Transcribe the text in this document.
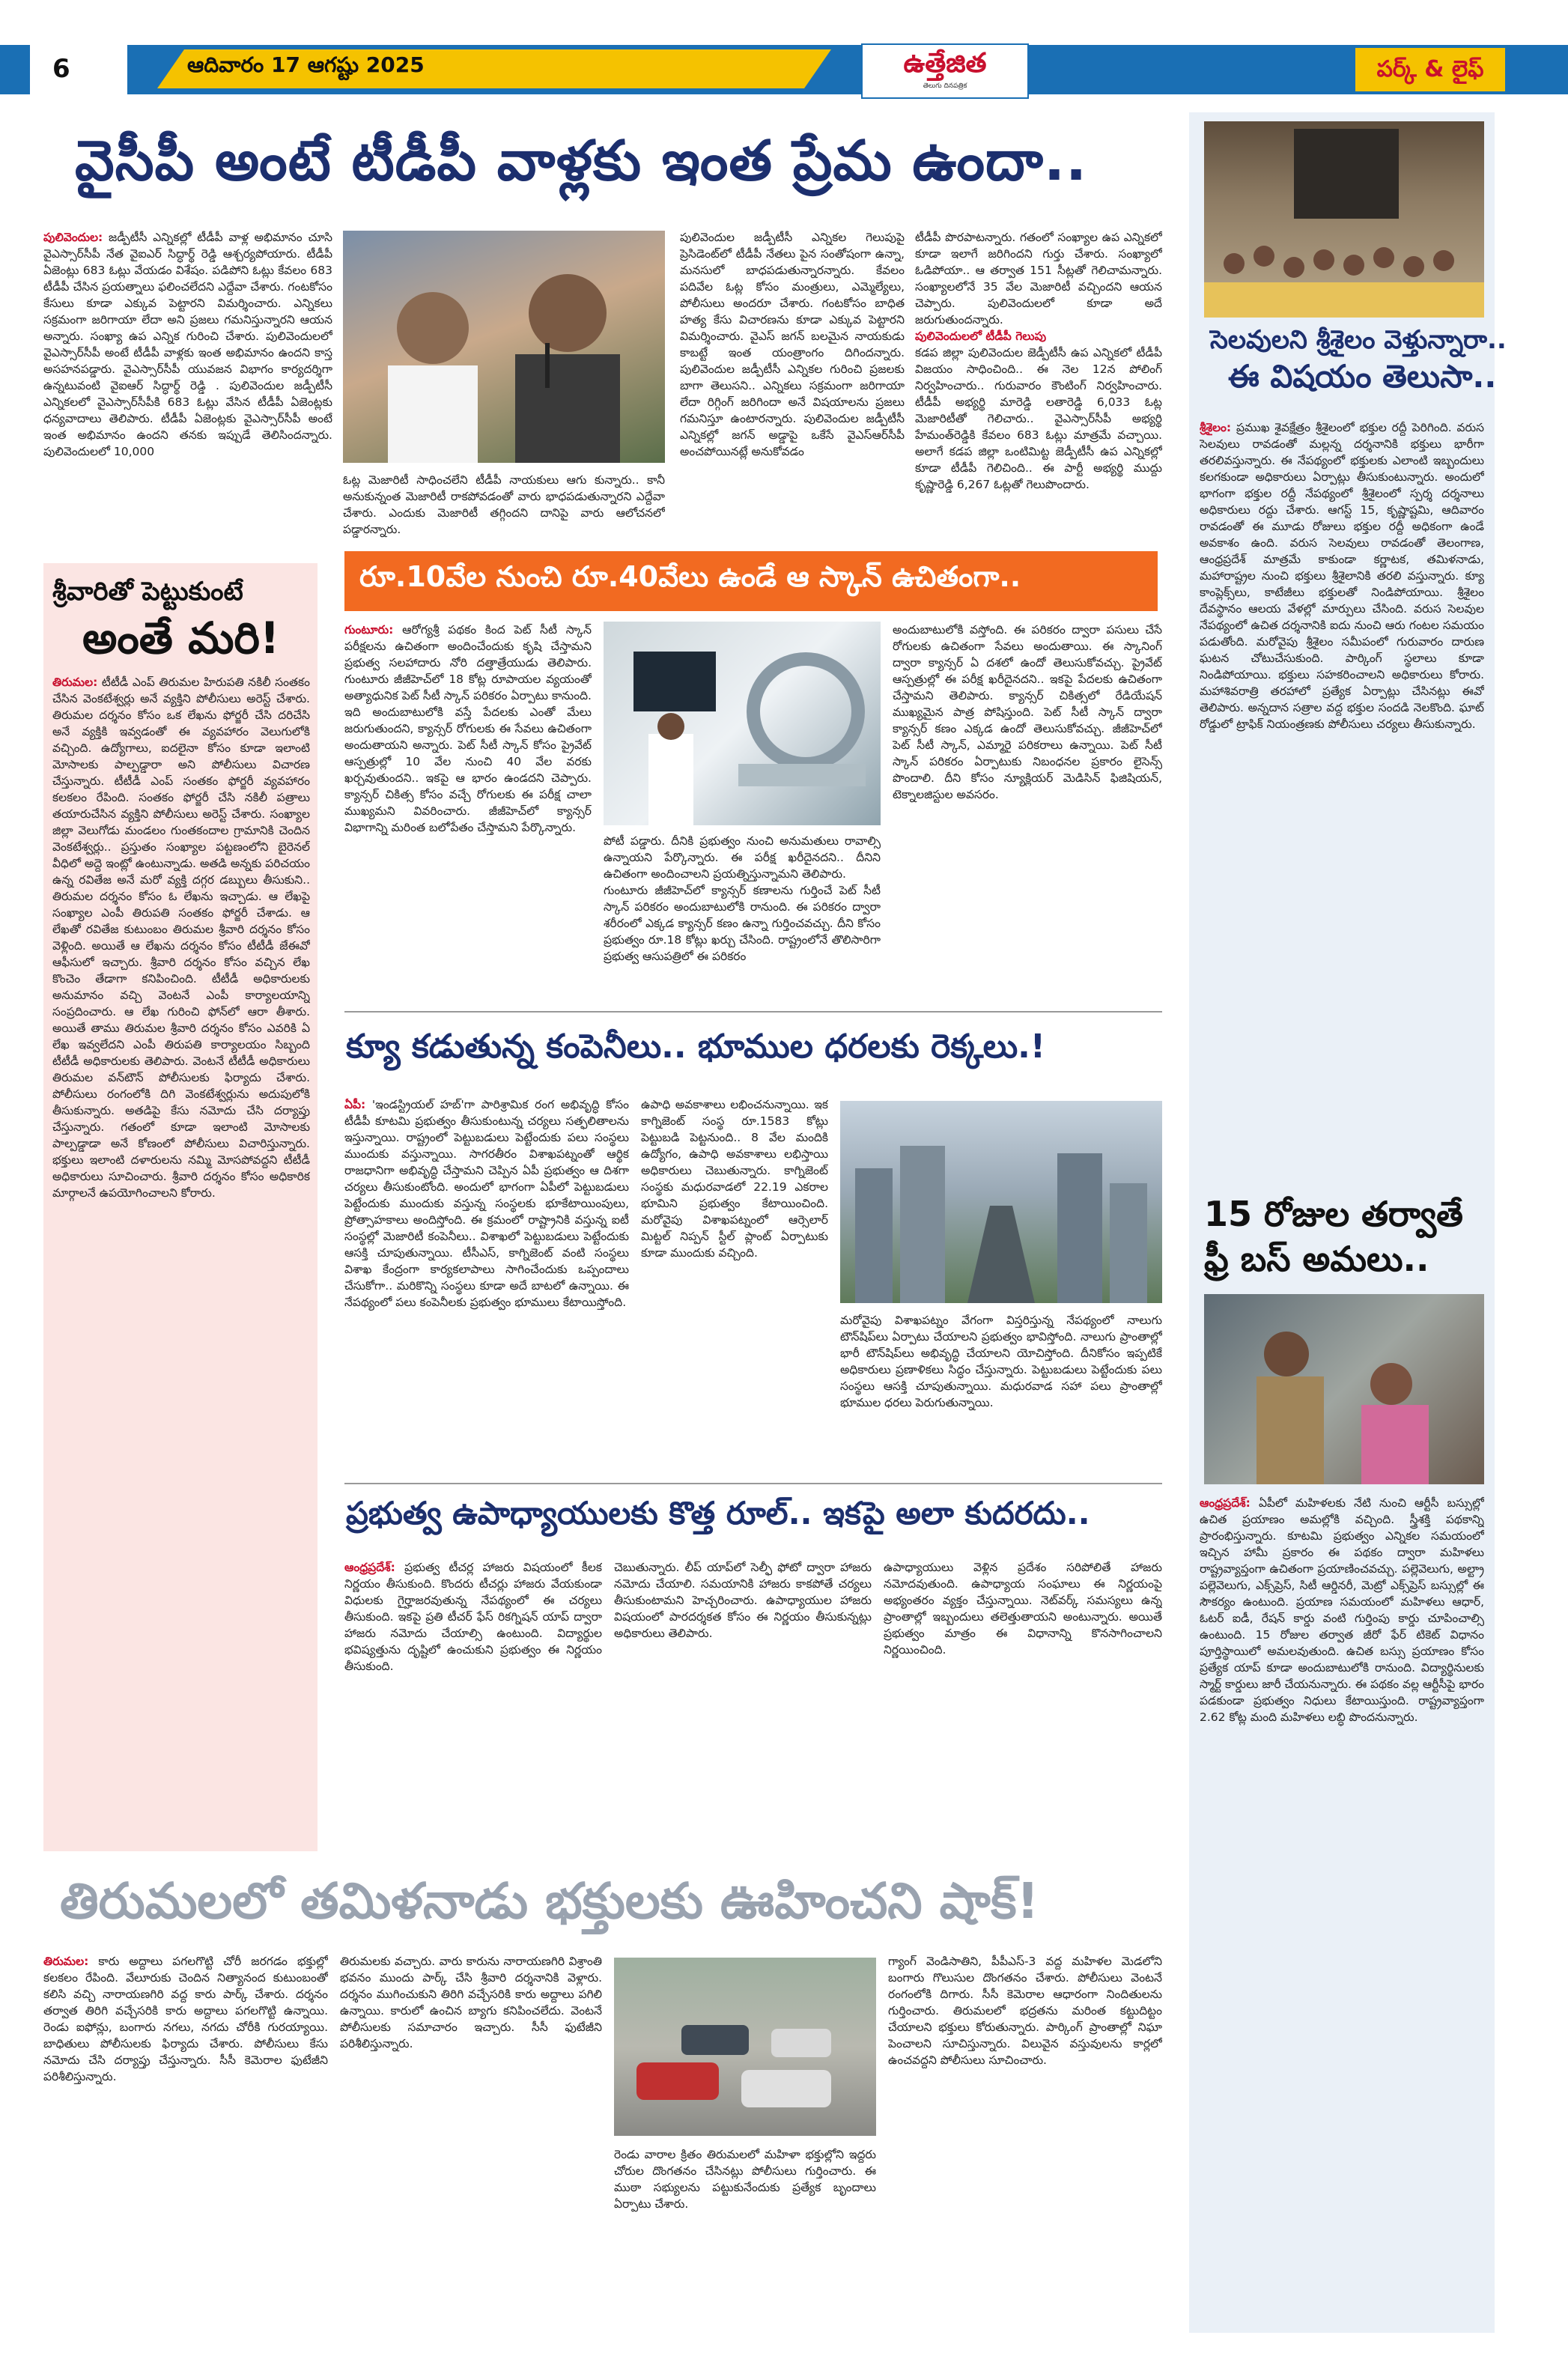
6	ఆదివారం 17 ఆగష్టు 2025	ఉత్తేజిత
తెలుగు దినపత్రిక
పర్క్ & లైఫ్
వైసీపీ అంటే టీడీపీ వాళ్లకు ఇంత ప్రేమ ఉందా..
పులివెందుల: జడ్పీటీసీ ఎన్నికల్లో టీడీపీ వాళ్ల అభిమానం చూసి వైఎస్సార్‌సీపీ నేత వైఐఎర్ సిద్ధార్థ్ రెడ్డి ఆశ్చర్యపోయారు. టీడీపీ ఏజెంట్లు 683 ఓట్లు వేయడం విశేషం. పడిపోని ఓట్లు కేవలం 683 టీడీపీ చేసిన ప్రయత్నాలు ఫలించలేదని ఎద్దేవా చేశారు. గంటకోసం కేసులు కూడా ఎక్కువ పెట్టారని విమర్శించారు. ఎన్నికలు సక్రమంగా జరిగాయా లేదా అని ప్రజలు గమనిస్తున్నారని ఆయన అన్నారు. సంఖ్యా ఉప ఎన్నిక గురించి చేశారు. పులివెందులలో వైఎస్సార్‌సీపీ అంటే టీడీపీ వాళ్లకు ఇంత అభిమానం ఉందని కాస్త అసహనపడ్డారు. వైఎస్సార్‌సీపీ యువజన విభాగం కార్యదర్శిగా ఉన్నటువంటి వైఐఆర్ సిద్ధార్థ్ రెడ్డి . పులివెందుల జడ్పీటీసీ ఎన్నికలలో వైఎస్సార్‌సీపీకి 683 ఓట్లు వేసిన టీడీపీ ఏజెంట్లకు ధన్యవాదాలు తెలిపారు. టీడీపీ ఏజెంట్లకు వైఎస్సార్‌సీపీ అంటే ఇంత అభిమానం ఉందని తనకు ఇప్పుడే తెలిసిందన్నారు. పులివెందులలో 10,000
ఓట్ల మెజారిటీ సాధించలేని టీడీపీ నాయకులు ఆగు కున్నారు.. కానీ అనుకున్నంత మెజారిటీ రాకపోవడంతో వారు భాధపడుతున్నారని ఎద్దేవా చేశారు. ఎందుకు మెజారిటీ తగ్గిందని దానిపై వారు ఆలోచనలో పడ్డారన్నారు.
పులివెందుల జడ్పీటీసీ ఎన్నికల గెలుపుపై ప్రెసిడెంట్‌లో టీడీపీ నేతలు పైన సంతోషంగా ఉన్నా, మనసులో బాధపడుతున్నారన్నారు. కేవలం పదివేల ఓట్ల కోసం మంత్రులు, ఎమ్మెల్యేలు, పోలీసులు అందరూ చేశారు. గంటకోసం బాధిత హత్య కేసు విచారణను కూడా ఎక్కువ పెట్టారని విమర్శించారు. వైఎస్ జగన్ బలమైన నాయకుడు కాబట్టే ఇంత యంత్రాంగం దిగిందన్నారు. పులివెందుల జడ్పీటీసీ ఎన్నికల గురించి ప్రజలకు బాగా తెలుసని.. ఎన్నికలు సక్రమంగా జరిగాయా లేదా రిగ్గింగ్ జరిగిందా అనే విషయాలను ప్రజలు గమనిస్తూ ఉంటారన్నారు. పులివెందుల జడ్పీటీసీ ఎన్నికల్లో జగన్ అడ్డాపై ఒకేసే వైఎస్ఆర్‌సీపీ అంచపోయినట్లే అనుకోవడం
టీడీపీ పొరపాటన్నారు. గతంలో సంఖ్యాల ఉప ఎన్నికలో కూడా ఇలాగే జరిగిందని గుర్తు చేశారు. సంఖ్యాలో ఓడిపోయా.. ఆ తర్వాత 151 సీట్లతో గెలిచామన్నారు. సంఖ్యాలలోనే 35 వేల మెజారిటీ వచ్చిందని ఆయన చెప్పారు. పులివెందులలో కూడా అదే జరుగుతుందన్నారు.
పులివెందులలో టీడీపీ గెలుపు
కడప జిల్లా పులివెందుల జెడ్పీటీసీ ఉప ఎన్నికలో టీడీపీ విజయం సాధించింది.. ఈ నెల 12న పోలింగ్ నిర్వహించారు.. గురువారం కౌంటింగ్ నిర్వహించారు. టీడీపీ అభ్యర్థి మారెడ్డి లతారెడ్డి 6,033 ఓట్ల మెజారిటీతో గెలిచారు.. వైఎస్సార్‌సీపీ అభ్యర్థి హేమంత్‌రెడ్డికి కేవలం 683 ఓట్లు మాత్రమే వచ్చాయి. అలాగే కడప జిల్లా ఒంటిమిట్ట జెడ్పీటీసీ ఉప ఎన్నికల్లో కూడా టీడీపీ గెలిచింది.. ఈ పార్టీ అభ్యర్థి ముద్దు కృష్ణారెడ్డి 6,267 ఓట్లతో గెలుపొందారు.
సెలవులని శ్రీశైలం వెళ్తున్నారా..
ఈ విషయం తెలుసా..
శ్రీశైలం: ప్రముఖ శైవక్షేత్రం శ్రీశైలంలో భక్తుల రద్దీ పెరిగింది. వరుస సెలవులు రావడంతో మల్లన్న దర్శనానికి భక్తులు భారీగా తరలివస్తున్నారు. ఈ నేపథ్యంలో భక్తులకు ఎలాంటి ఇబ్బందులు కలగకుండా అధికారులు ఏర్పాట్లు తీసుకుంటున్నారు. అందులో భాగంగా భక్తుల రద్దీ నేపథ్యంలో శ్రీశైలంలో స్పర్శ దర్శనాలు అధికారులు రద్దు చేశారు. ఆగస్ట్ 15, కృష్ణాష్టమి, ఆదివారం రావడంతో ఈ మూడు రోజులు భక్తుల రద్దీ అధికంగా ఉండే అవకాశం ఉంది. వరుస సెలవులు రావడంతో తెలంగాణ, ఆంధ్రప్రదేశ్ మాత్రమే కాకుండా కర్ణాటక, తమిళనాడు, మహారాష్ట్రల నుంచి భక్తులు శ్రీశైలానికి తరలి వస్తున్నారు. క్యూ కాంప్లెక్స్‌లు, కాటేజీలు భక్తులతో నిండిపోయాయి. శ్రీశైలం దేవస్థానం ఆలయ వేళల్లో మార్పులు చేసింది. వరుస సెలవుల నేపథ్యంలో ఉచిత దర్శనానికి ఐదు నుంచి ఆరు గంటల సమయం పడుతోంది. మరోవైపు శ్రీశైలం సమీపంలో గురువారం దారుణ ఘటన చోటుచేసుకుంది. పార్కింగ్ స్థలాలు కూడా నిండిపోయాయి. భక్తులు సహకరించాలని అధికారులు కోరారు. మహాశివరాత్రి తరహాలో ప్రత్యేక ఏర్పాట్లు చేసినట్లు ఈవో తెలిపారు. అన్నదాన సత్రాల వద్ద భక్తుల సందడి నెలకొంది. ఘాట్ రోడ్డులో ట్రాఫిక్ నియంత్రణకు పోలీసులు చర్యలు తీసుకున్నారు.
15 రోజుల తర్వాతే
ఫ్రీ బస్ అమలు..
ఆంధ్రప్రదేశ్: ఏపీలో మహిళలకు నేటి నుంచి ఆర్టీసీ బస్సుల్లో ఉచిత ప్రయాణం అమల్లోకి వచ్చింది. స్త్రీశక్తి పథకాన్ని ప్రారంభిస్తున్నారు. కూటమి ప్రభుత్వం ఎన్నికల సమయంలో ఇచ్చిన హామీ ప్రకారం ఈ పథకం ద్వారా మహిళలు రాష్ట్రవ్యాప్తంగా ఉచితంగా ప్రయాణించవచ్చు. పల్లెవెలుగు, అల్ట్రా పల్లెవెలుగు, ఎక్స్‌ప్రెస్, సిటీ ఆర్డినరీ, మెట్రో ఎక్స్‌ప్రెస్ బస్సుల్లో ఈ సౌకర్యం ఉంటుంది. ప్రయాణ సమయంలో మహిళలు ఆధార్, ఓటర్ ఐడీ, రేషన్ కార్డు వంటి గుర్తింపు కార్డు చూపించాల్సి ఉంటుంది. 15 రోజుల తర్వాత జీరో ఫేర్ టికెట్ విధానం పూర్తిస్థాయిలో అమలవుతుంది. ఉచిత బస్సు ప్రయాణం కోసం ప్రత్యేక యాప్ కూడా అందుబాటులోకి రానుంది. విద్యార్థినులకు స్మార్ట్ కార్డులు జారీ చేయనున్నారు. ఈ పథకం వల్ల ఆర్టీసీపై భారం పడకుండా ప్రభుత్వం నిధులు కేటాయిస్తుంది. రాష్ట్రవ్యాప్తంగా 2.62 కోట్ల మంది మహిళలు లబ్ధి పొందనున్నారు.
శ్రీవారితో పెట్టుకుంటే
అంతే మరి!
తిరుమల: టీటీడీ ఎంప్ తిరుమల హిరుపతి నకిలీ సంతకం చేసిన వెంకటేశ్వర్లు అనే వ్యక్తిని పోలీసులు అరెస్ట్ చేశారు. తిరుమల దర్శనం కోసం ఒక లేఖను ఫోర్జరీ చేసి దరిచేసి అనే వ్యక్తికి ఇవ్వడంతో ఈ వ్యవహారం వెలుగులోకి వచ్చింది. ఉద్యోగాలు, ఐదలైనా కోసం కూడా ఇలాంటి మోసాలకు పాల్పడ్డారా అని పోలీసులు విచారణ చేస్తున్నారు. టీటీడీ ఎంప్ సంతకం ఫోర్జరీ వ్యవహారం కలకలం రేపింది. సంతకం ఫోర్జరీ చేసి నకిలీ పత్రాలు తయారుచేసిన వ్యక్తిని పోలీసులు అరెస్ట్ చేశారు. సంఖ్యాల జిల్లా వెలుగోడు మండలం గుంతకందాల గ్రామానికి చెందిన వెంకటేశ్వర్లు.. ప్రస్తుతం సంఖ్యాల పట్టణంలోని బైరెనల్ వీధిలో అద్దె ఇంట్లో ఉంటున్నాడు. అతడి అన్నకు పరిచయం ఉన్న రవితేజ అనే మరో వ్యక్తి దగ్గర డబ్బులు తీసుకుని.. తిరుమల దర్శనం కోసం ఓ లేఖను ఇచ్చాడు. ఆ లేఖపై సంఖ్యాల ఎంపీ తిరుపతి సంతకం ఫోర్జరీ చేశాడు. ఆ లేఖతో రవితేజ కుటుంబం తిరుమల శ్రీవారి దర్శనం కోసం వెళ్లింది. అయితే ఆ లేఖను దర్శనం కోసం టీటీడీ జేఈవో ఆఫీసులో ఇచ్చారు. శ్రీవారి దర్శనం కోసం వచ్చిన లేఖ కొంచెం తేడాగా కనిపించింది. టీటీడీ అధికారులకు అనుమానం వచ్చి వెంటనే ఎంపీ కార్యాలయాన్ని సంప్రదించారు. ఆ లేఖ గురించి ఫోన్‌లో ఆరా తీశారు. అయితే తాము తిరుమల శ్రీవారి దర్శనం కోసం ఎవరికి ఏ లేఖ ఇవ్వలేదని ఎంపీ తిరుపతి కార్యాలయం సిబ్బంది టీటీడీ అధికారులకు తెలిపారు. వెంటనే టీటీడీ అధికారులు తిరుమల వన్‌టౌన్ పోలీసులకు ఫిర్యాదు చేశారు. పోలీసులు రంగంలోకి దిగి వెంకటేశ్వర్లును అదుపులోకి తీసుకున్నారు. అతడిపై కేసు నమోదు చేసి దర్యాప్తు చేస్తున్నారు. గతంలో కూడా ఇలాంటి మోసాలకు పాల్పడ్డాడా అనే కోణంలో పోలీసులు విచారిస్తున్నారు. భక్తులు ఇలాంటి దళారులను నమ్మి మోసపోవద్దని టీటీడీ అధికారులు సూచించారు. శ్రీవారి దర్శనం కోసం అధికారిక మార్గాలనే ఉపయోగించాలని కోరారు.
రూ.10వేల నుంచి రూ.40వేలు ఉండే ఆ స్కాన్ ఉచితంగా..
గుంటూరు: ఆరోగ్యశ్రీ పథకం కింద పెట్ సీటీ స్కాన్ పరీక్షలను ఉచితంగా అందించేందుకు కృషి చేస్తామని ప్రభుత్వ సలహాదారు నోరి దత్తాత్రేయుడు తెలిపారు. గుంటూరు జీజీహెచ్‌లో 18 కోట్ల రూపాయల వ్యయంతో అత్యాధునిక పెట్ సీటీ స్కాన్ పరికరం ఏర్పాటు కానుంది. ఇది అందుబాటులోకి వస్తే పేదలకు ఎంతో మేలు జరుగుతుందని, క్యాన్సర్ రోగులకు ఈ సేవలు ఉచితంగా అందుతాయని అన్నారు. పెట్ సీటీ స్కాన్ కోసం ప్రైవేట్ ఆస్పత్రుల్లో 10 వేల నుంచి 40 వేల వరకు ఖర్చవుతుందని.. ఇకపై ఆ భారం ఉండదని చెప్పారు. క్యాన్సర్ చికిత్స కోసం వచ్చే రోగులకు ఈ పరీక్ష చాలా ముఖ్యమని వివరించారు. జీజీహెచ్‌లో క్యాన్సర్ విభాగాన్ని మరింత బలోపేతం చేస్తామని పేర్కొన్నారు.
పోటీ పడ్డారు. దీనికి ప్రభుత్వం నుంచి అనుమతులు రావాల్సి ఉన్నాయని పేర్కొన్నారు. ఈ పరీక్ష ఖరీదైనదని.. దీనిని ఉచితంగా అందించాలని ప్రయత్నిస్తున్నామని తెలిపారు.
గుంటూరు జీజీహెచ్‌లో క్యాన్సర్ కణాలను గుర్తించే పెట్ సీటీ స్కాన్ పరికరం అందుబాటులోకి రానుంది. ఈ పరికరం ద్వారా శరీరంలో ఎక్కడ క్యాన్సర్ కణం ఉన్నా గుర్తించవచ్చు. దీని కోసం ప్రభుత్వం రూ.18 కోట్లు ఖర్చు చేసింది. రాష్ట్రంలోనే తొలిసారిగా ప్రభుత్వ ఆసుపత్రిలో ఈ పరికరం
అందుబాటులోకి వస్తోంది. ఈ పరికరం ద్వారా పసులు చేసే రోగులకు ఉచితంగా సేవలు అందుతాయి. ఈ స్కానింగ్ ద్వారా క్యాన్సర్ ఏ దశలో ఉందో తెలుసుకోవచ్చు. ప్రైవేట్ ఆస్పత్రుల్లో ఈ పరీక్ష ఖరీదైనదని.. ఇకపై పేదలకు ఉచితంగా చేస్తామని తెలిపారు. క్యాన్సర్ చికిత్సలో రేడియేషన్ ముఖ్యమైన పాత్ర పోషిస్తుంది. పెట్ సీటీ స్కాన్ ద్వారా క్యాన్సర్ కణం ఎక్కడ ఉందో తెలుసుకోవచ్చు. జీజీహెచ్‌లో పెట్ సీటీ స్కాన్, ఎమ్మారై పరికరాలు ఉన్నాయి. పెట్ సీటీ స్కాన్ పరికరం ఏర్పాటుకు నిబంధనల ప్రకారం లైసెన్స్ పొందాలి. దీని కోసం న్యూక్లియర్ మెడిసిన్ ఫిజిషియన్, టెక్నాలజిస్టుల అవసరం.
క్యూ కడుతున్న కంపెనీలు.. భూముల ధరలకు రెక్కలు.!
ఏపీ: 'ఇండస్ట్రియల్ హబ్'గా పారిశ్రామిక రంగ అభివృద్ధి కోసం టీడీపీ కూటమి ప్రభుత్వం తీసుకుంటున్న చర్యలు సత్ఫలితాలను ఇస్తున్నాయి. రాష్ట్రంలో పెట్టుబడులు పెట్టేందుకు పలు సంస్థలు ముందుకు వస్తున్నాయి. సాగరతీరం విశాఖపట్నంతో ఆర్థిక రాజధానిగా అభివృద్ధి చేస్తామని చెప్పిన ఏపీ ప్రభుత్వం ఆ దిశగా చర్యలు తీసుకుంటోంది. అందులో భాగంగా ఏపీలో పెట్టుబడులు పెట్టేందుకు ముందుకు వస్తున్న సంస్థలకు భూకేటాయింపులు, ప్రోత్సాహకాలు అందిస్తోంది. ఈ క్రమంలో రాష్ట్రానికి వస్తున్న ఐటీ సంస్థల్లో మెజారిటీ కంపెనీలు.. విశాఖలో పెట్టుబడులు పెట్టేందుకు ఆసక్తి చూపుతున్నాయి. టీసీఎస్, కాగ్నిజెంట్ వంటి సంస్థలు విశాఖ కేంద్రంగా కార్యకలాపాలు సాగించేందుకు ఒప్పందాలు చేసుకోగా.. మరికొన్ని సంస్థలు కూడా అదే బాటలో ఉన్నాయి. ఈ నేపథ్యంలో పలు కంపెనీలకు ప్రభుత్వం భూములు కేటాయిస్తోంది.
ఉపాధి అవకాశాలు లభించనున్నాయి. ఇక కాగ్నిజెంట్ సంస్థ రూ.1583 కోట్లు పెట్టుబడి పెట్టనుంది.. 8 వేల మందికి ఉద్యోగం, ఉపాధి అవకాశాలు లభిస్తాయి అధికారులు చెబుతున్నారు. కాగ్నిజెంట్ సంస్థకు మధురవాడలో 22.19 ఎకరాల భూమిని ప్రభుత్వం కేటాయించింది. మరోవైపు విశాఖపట్నంలో ఆర్సెలార్ మిట్టల్ నిప్పన్ స్టీల్ ప్లాంట్ ఏర్పాటుకు కూడా ముందుకు వచ్చింది.
మరోవైపు విశాఖపట్నం వేగంగా విస్తరిస్తున్న నేపథ్యంలో నాలుగు టౌన్‌షిప్‌లు ఏర్పాటు చేయాలని ప్రభుత్వం భావిస్తోంది. నాలుగు ప్రాంతాల్లో భారీ టౌన్‌షిప్‌లు అభివృద్ధి చేయాలని యోచిస్తోంది. దీనికోసం ఇప్పటికే అధికారులు ప్రణాళికలు సిద్ధం చేస్తున్నారు. పెట్టుబడులు పెట్టేందుకు పలు సంస్థలు ఆసక్తి చూపుతున్నాయి. మధురవాడ సహా పలు ప్రాంతాల్లో భూముల ధరలు పెరుగుతున్నాయి.
ప్రభుత్వ ఉపాధ్యాయులకు కొత్త రూల్.. ఇకపై అలా కుదరదు..
ఆంధ్రప్రదేశ్: ప్రభుత్వ టీచర్ల హాజరు విషయంలో కీలక నిర్ణయం తీసుకుంది. కొందరు టీచర్లు హాజరు వేయకుండా విధులకు గైర్హాజరవుతున్న నేపథ్యంలో ఈ చర్యలు తీసుకుంది. ఇకపై ప్రతి టీచర్ ఫేస్ రికగ్నిషన్ యాప్ ద్వారా హాజరు నమోదు చేయాల్సి ఉంటుంది. విద్యార్థుల భవిష్యత్తును దృష్టిలో ఉంచుకుని ప్రభుత్వం ఈ నిర్ణయం తీసుకుంది.
చెబుతున్నారు. లీప్ యాప్‌లో సెల్ఫీ ఫోటో ద్వారా హాజరు నమోదు చేయాలి. సమయానికి హాజరు కాకపోతే చర్యలు తీసుకుంటామని హెచ్చరించారు. ఉపాధ్యాయుల హాజరు విషయంలో పారదర్శకత కోసం ఈ నిర్ణయం తీసుకున్నట్లు అధికారులు తెలిపారు.
ఉపాధ్యాయులు వెళ్లిన ప్రదేశం సరిపోలితే హాజరు నమోదవుతుంది. ఉపాధ్యాయ సంఘాలు ఈ నిర్ణయంపై అభ్యంతరం వ్యక్తం చేస్తున్నాయి. నెట్‌వర్క్ సమస్యలు ఉన్న ప్రాంతాల్లో ఇబ్బందులు తలెత్తుతాయని అంటున్నారు. అయితే ప్రభుత్వం మాత్రం ఈ విధానాన్ని కొనసాగించాలని నిర్ణయించింది.
తిరుమలలో తమిళనాడు భక్తులకు ఊహించని షాక్!
తిరుమల: కారు అద్దాలు పగలగొట్టి చోరీ జరగడం భక్తుల్లో కలకలం రేపింది. వేలూరుకు చెందిన నిత్యానంద కుటుంబంతో కలిసి వచ్చి నారాయణగిరి వద్ద కారు పార్క్ చేశారు. దర్శనం తర్వాత తిరిగి వచ్చేసరికి కారు అద్దాలు పగలగొట్టి ఉన్నాయి. రెండు ఐఫోన్లు, బంగారు నగలు, నగదు చోరీకి గురయ్యాయి. బాధితులు పోలీసులకు ఫిర్యాదు చేశారు. పోలీసులు కేసు నమోదు చేసి దర్యాప్తు చేస్తున్నారు. సీసీ కెమెరాల ఫుటేజీని పరిశీలిస్తున్నారు.
తిరుమలకు వచ్చారు. వారు కారును నారాయణగిరి విశ్రాంతి భవనం ముందు పార్క్ చేసి శ్రీవారి దర్శనానికి వెళ్లారు. దర్శనం ముగించుకుని తిరిగి వచ్చేసరికి కారు అద్దాలు పగిలి ఉన్నాయి. కారులో ఉంచిన బ్యాగు కనిపించలేదు. వెంటనే పోలీసులకు సమాచారం ఇచ్చారు. సీసీ ఫుటేజీని పరిశీలిస్తున్నారు.
రెండు వారాల క్రితం తిరుమలలో మహిళా భక్తుల్లోని ఇద్దరు చోరుల దొంగతనం చేసినట్లు పోలీసులు గుర్తించారు. ఈ ముఠా సభ్యులను పట్టుకునేందుకు ప్రత్యేక బృందాలు ఏర్పాటు చేశారు.
గ్యాంగ్ వెండిసాతిని, పీపీఎస్-3 వద్ద మహిళల మెడలోని బంగారు గొలుసుల దొంగతనం చేశారు. పోలీసులు వెంటనే రంగంలోకి దిగారు. సీసీ కెమెరాల ఆధారంగా నిందితులను గుర్తించారు. తిరుమలలో భద్రతను మరింత కట్టుదిట్టం చేయాలని భక్తులు కోరుతున్నారు. పార్కింగ్ ప్రాంతాల్లో నిఘా పెంచాలని సూచిస్తున్నారు. విలువైన వస్తువులను కార్లలో ఉంచవద్దని పోలీసులు సూచించారు.
